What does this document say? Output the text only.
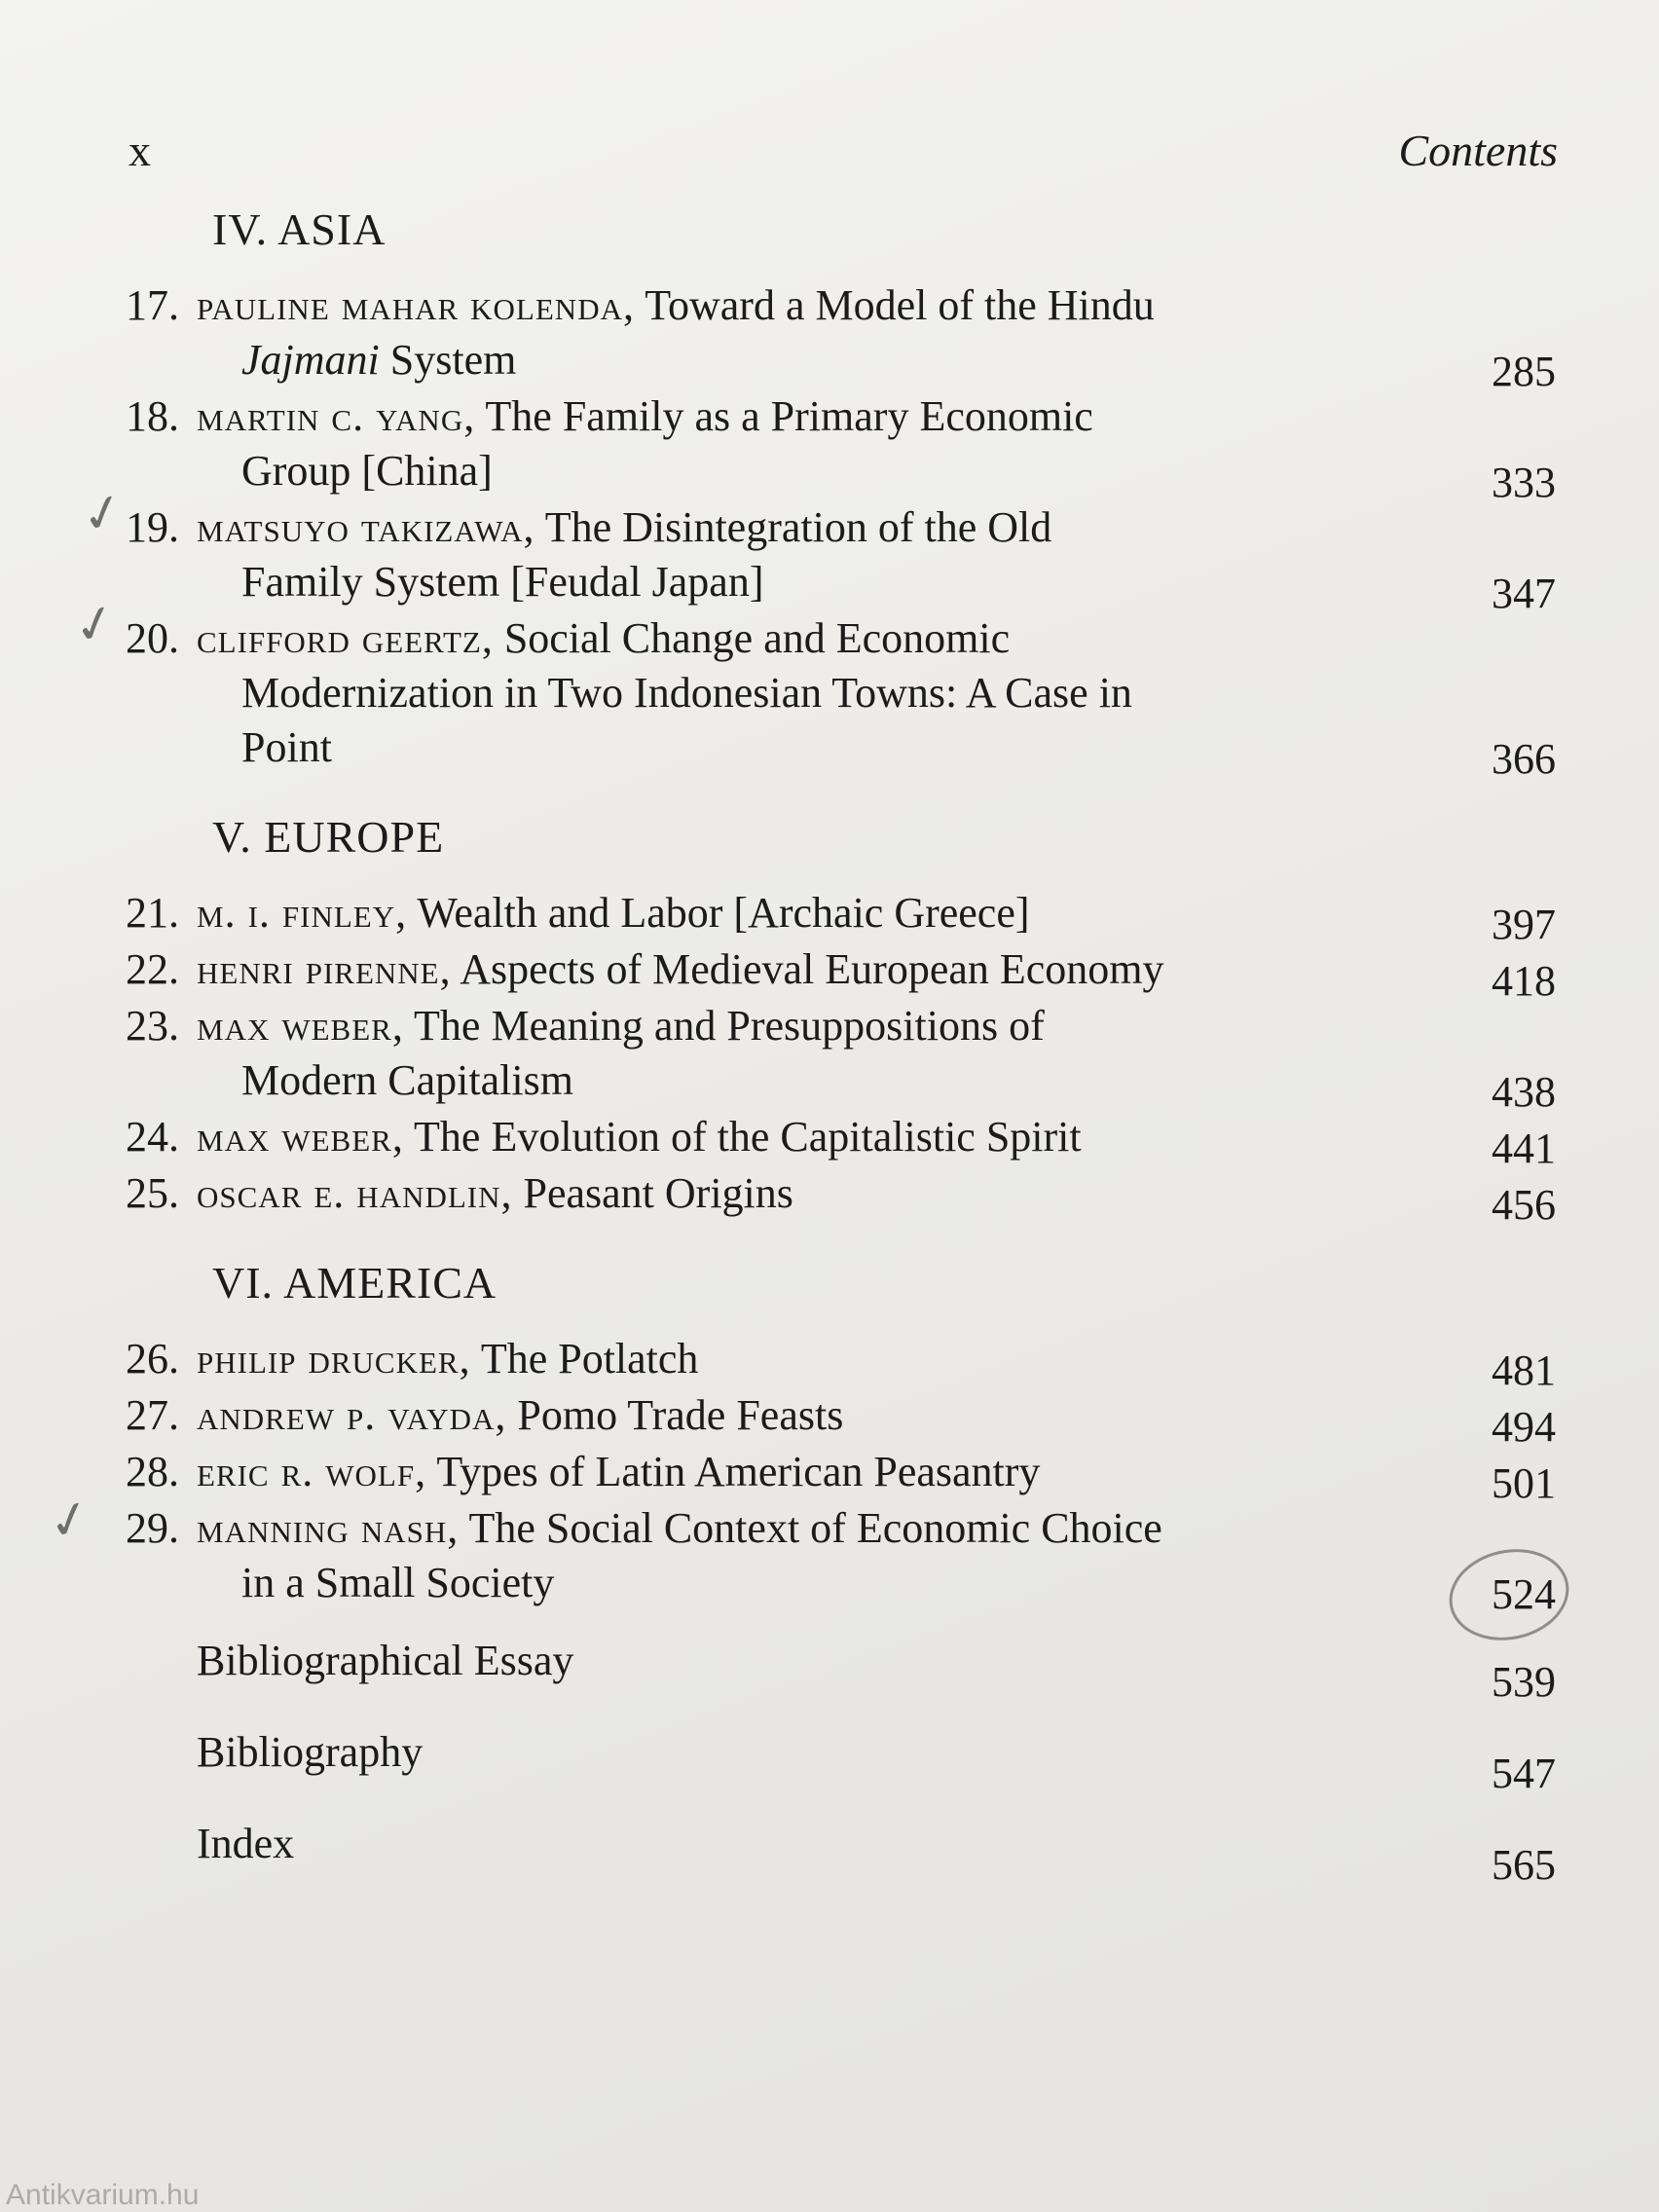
x	Contents
✓
✓
✓
IV. ASIA
17. pauline mahar kolenda, Toward a Model of the Hindu
Jajmani System	285
18. martin c. yang, The Family as a Primary Economic
Group [China]	333
19. matsuyo takizawa, The Disintegration of the Old
Family System [Feudal Japan]	347
20. clifford geertz, Social Change and Economic
Modernization in Two Indonesian Towns: A Case in
Point	366
V. EUROPE
21. m. i. finley, Wealth and Labor [Archaic Greece]	397
22. henri pirenne, Aspects of Medieval European Economy	418
23. max weber, The Meaning and Presuppositions of
Modern Capitalism	438
24. max weber, The Evolution of the Capitalistic Spirit	441
25. oscar e. handlin, Peasant Origins	456
VI. AMERICA
26. philip drucker, The Potlatch	481
27. andrew p. vayda, Pomo Trade Feasts	494
28. eric r. wolf, Types of Latin American Peasantry	501
29. manning nash, The Social Context of Economic Choice
in a Small Society	524
Bibliographical Essay	539
Bibliography	547
Index	565
Antikvarium.hu
